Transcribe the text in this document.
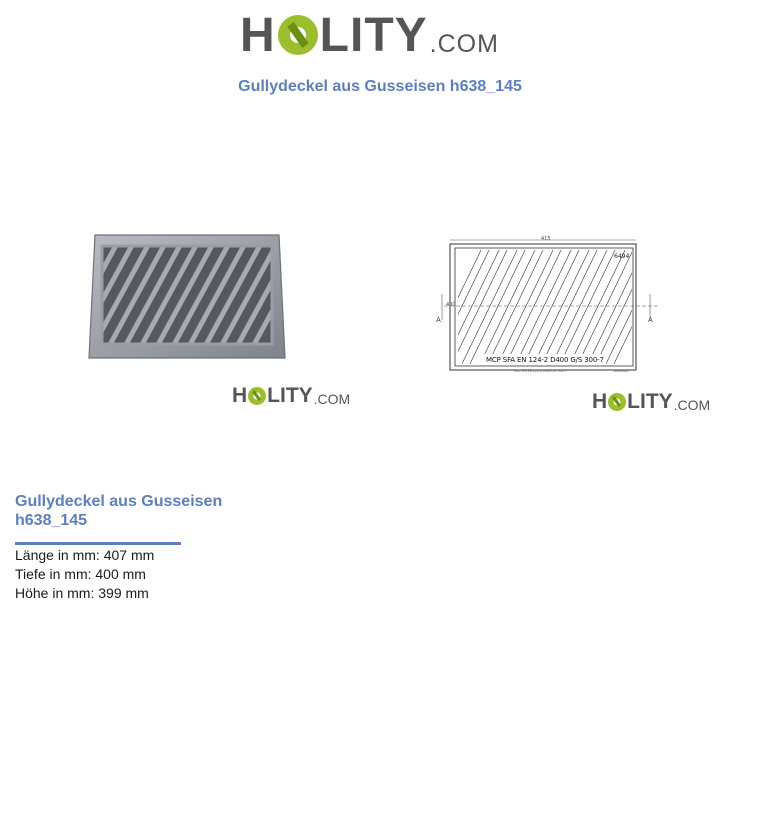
H LITY .COM
Gullydeckel aus Gusseisen h638_145
H LITY .COM
415
A	A
400
6494
MCP SFA EN 124-2 D400 G/S 300-7
MCP SFA EN 124-2 D400 G/S 300-7	6494/646
H LITY .COM
Gullydeckel aus Gusseisen h638_145
Länge in mm: 407 mm
Tiefe in mm: 400 mm
Höhe in mm: 399 mm
